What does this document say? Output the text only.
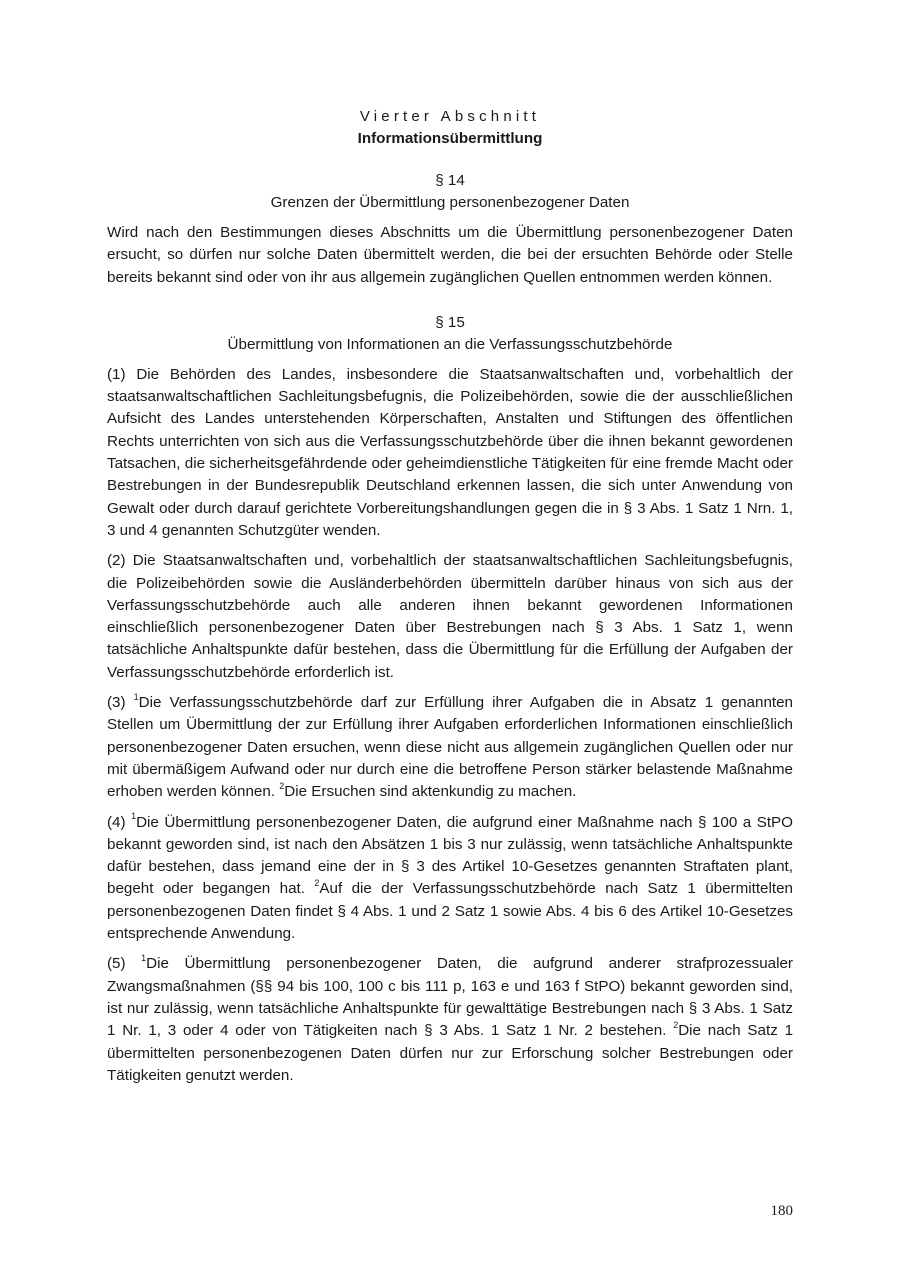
Vierter Abschnitt
Informationsübermittlung
§ 14
Grenzen der Übermittlung personenbezogener Daten

Wird nach den Bestimmungen dieses Abschnitts um die Übermittlung personenbezogener Daten ersucht, so dürfen nur solche Daten übermittelt werden, die bei der ersuchten Behörde oder Stelle bereits bekannt sind oder von ihr aus allgemein zugänglichen Quellen entnommen werden können.

§ 15
Übermittlung von Informationen an die Verfassungsschutzbehörde

(1) Die Behörden des Landes, insbesondere die Staatsanwaltschaften und, vorbehaltlich der staatsanwaltschaftlichen Sachleitungsbefugnis, die Polizeibehörden, sowie die der ausschließlichen Aufsicht des Landes unterstehenden Körperschaften, Anstalten und Stiftungen des öffentlichen Rechts unterrichten von sich aus die Verfassungsschutzbehörde über die ihnen bekannt gewordenen Tatsachen, die sicherheitsgefährdende oder geheimdienstliche Tätigkeiten für eine fremde Macht oder Bestrebungen in der Bundesrepublik Deutschland erkennen lassen, die sich unter Anwendung von Gewalt oder durch darauf gerichtete Vorbereitungshandlungen gegen die in § 3 Abs. 1 Satz 1 Nrn. 1, 3 und 4 genannten Schutzgüter wenden.

(2) Die Staatsanwaltschaften und, vorbehaltlich der staatsanwaltschaftlichen Sachleitungsbefugnis, die Polizeibehörden sowie die Ausländerbehörden übermitteln darüber hinaus von sich aus der Verfassungsschutzbehörde auch alle anderen ihnen bekannt gewordenen Informationen einschließlich personenbezogener Daten über Bestrebungen nach § 3 Abs. 1 Satz 1, wenn tatsächliche Anhaltspunkte dafür bestehen, dass die Übermittlung für die Erfüllung der Aufgaben der Verfassungsschutzbehörde erforderlich ist.

(3) $^1$Die Verfassungsschutzbehörde darf zur Erfüllung ihrer Aufgaben die in Absatz 1 genannten Stellen um Übermittlung der zur Erfüllung ihrer Aufgaben erforderlichen Informationen einschließlich personenbezogener Daten ersuchen, wenn diese nicht aus allgemein zugänglichen Quellen oder nur mit übermäßigem Aufwand oder nur durch eine die betroffene Person stärker belastende Maßnahme erhoben werden können. $^2$Die Ersuchen sind aktenkundig zu machen.

(4) $^1$Die Übermittlung personenbezogener Daten, die aufgrund einer Maßnahme nach § 100 a StPO bekannt geworden sind, ist nach den Absätzen 1 bis 3 nur zulässig, wenn tatsächliche Anhaltspunkte dafür bestehen, dass jemand eine der in § 3 des Artikel 10-Gesetzes genannten Straftaten plant, begeht oder begangen hat. $^2$Auf die der Verfassungsschutzbehörde nach Satz 1 übermittelten personenbezogenen Daten findet § 4 Abs. 1 und 2 Satz 1 sowie Abs. 4 bis 6 des Artikel 10-Gesetzes entsprechende Anwendung.

(5) $^1$Die Übermittlung personenbezogener Daten, die aufgrund anderer strafprozessualer Zwangsmaßnahmen (§§ 94 bis 100, 100 c bis 111 p, 163 e und 163 f StPO) bekannt geworden sind, ist nur zulässig, wenn tatsächliche Anhaltspunkte für gewalttätige Bestrebungen nach § 3 Abs. 1 Satz 1 Nr. 1, 3 oder 4 oder von Tätigkeiten nach § 3 Abs. 1 Satz 1 Nr. 2 bestehen. $^2$Die nach Satz 1 übermittelten personenbezogenen Daten dürfen nur zur Erforschung solcher Bestrebungen oder Tätigkeiten genutzt werden.

180
